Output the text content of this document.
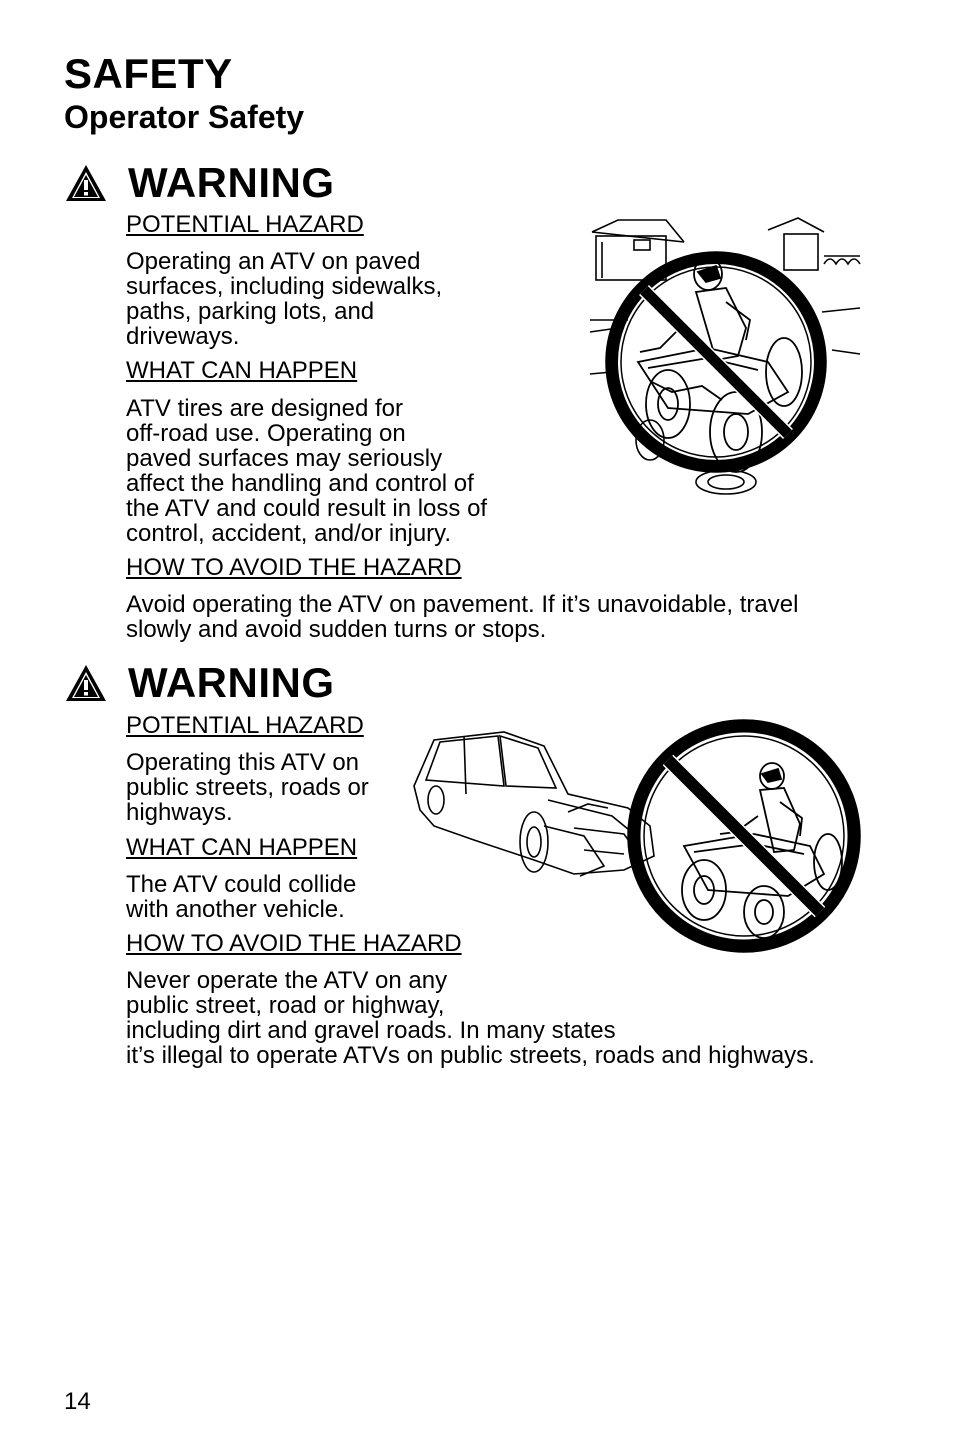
SAFETY
Operator Safety
WARNING
POTENTIAL HAZARD
Operating an ATV on paved
surfaces, including sidewalks,
paths, parking lots, and
driveways.
WHAT CAN HAPPEN
ATV tires are designed for
off-road use. Operating on
paved surfaces may seriously
affect the handling and control of
the ATV and could result in loss of
control, accident, and/or injury.
HOW TO AVOID THE HAZARD
Avoid operating the ATV on pavement. If it’s unavoidable, travel
slowly and avoid sudden turns or stops.
WARNING
POTENTIAL HAZARD
Operating this ATV on
public streets, roads or
highways.
WHAT CAN HAPPEN
The ATV could collide
with another vehicle.
HOW TO AVOID THE HAZARD
Never operate the ATV on any
public street, road or highway,
including dirt and gravel roads. In many states
it’s illegal to operate ATVs on public streets, roads and highways.
14
